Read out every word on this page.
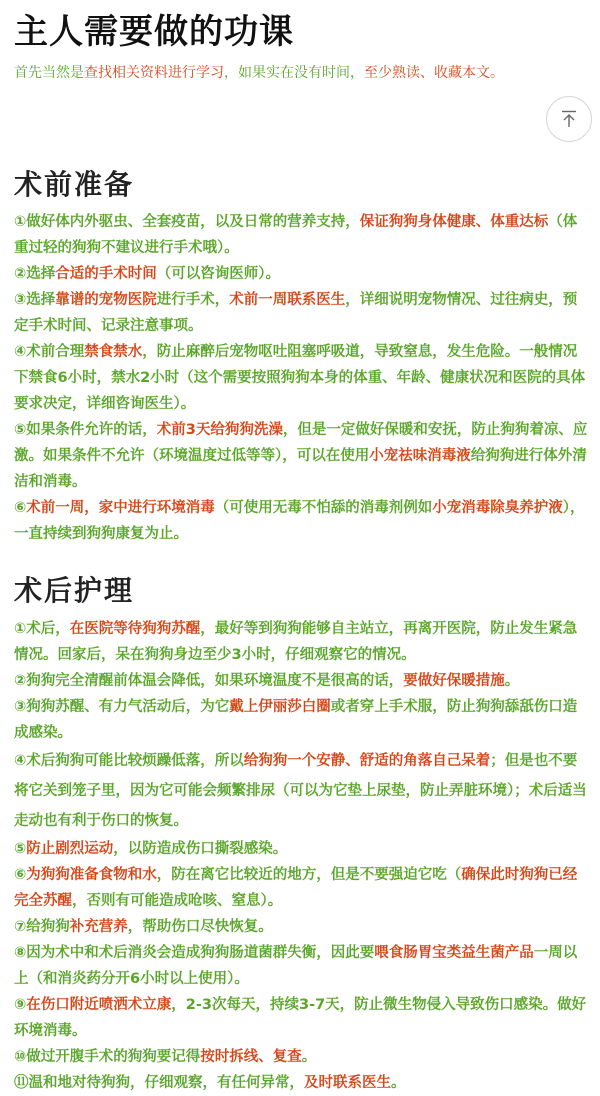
主人需要做的功课

首先当然是查找相关资料进行学习，如果实在没有时间，至少熟读、收藏本文。

术前准备

①做好体内外驱虫、全套疫苗，以及日常的营养支持，保证狗狗身体健康、体重达标（体重过轻的狗狗不建议进行手术哦）。

②选择合适的手术时间（可以咨询医师）。

③选择靠谱的宠物医院进行手术，术前一周联系医生，详细说明宠物情况、过往病史，预定手术时间、记录注意事项。

④术前合理禁食禁水，防止麻醉后宠物呕吐阻塞呼吸道，导致窒息，发生危险。一般情况下禁食6小时，禁水2小时（这个需要按照狗狗本身的体重、年龄、健康状况和医院的具体要求决定，详细咨询医生）。

⑤如果条件允许的话，术前3天给狗狗洗澡，但是一定做好保暖和安抚，防止狗狗着凉、应激。如果条件不允许（环境温度过低等等），可以在使用小宠祛味消毒液给狗狗进行体外清洁和消毒。

⑥术前一周，家中进行环境消毒（可使用无毒不怕舔的消毒剂例如小宠消毒除臭养护液），一直持续到狗狗康复为止。

术后护理

①术后，在医院等待狗狗苏醒，最好等到狗狗能够自主站立，再离开医院，防止发生紧急情况。回家后，呆在狗狗身边至少3小时，仔细观察它的情况。

②狗狗完全清醒前体温会降低，如果环境温度不是很高的话，要做好保暖措施。

③狗狗苏醒、有力气活动后，为它戴上伊丽莎白圈或者穿上手术服，防止狗狗舔舐伤口造成感染。

④术后狗狗可能比较烦躁低落，所以给狗狗一个安静、舒适的角落自己呆着；但是也不要将它关到笼子里，因为它可能会频繁排尿（可以为它垫上尿垫，防止弄脏环境）；术后适当走动也有利于伤口的恢复。

⑤防止剧烈运动，以防造成伤口撕裂感染。

⑥为狗狗准备食物和水，防在离它比较近的地方，但是不要强迫它吃（确保此时狗狗已经完全苏醒，否则有可能造成呛咳、窒息）。

⑦给狗狗补充营养，帮助伤口尽快恢复。

⑧因为术中和术后消炎会造成狗狗肠道菌群失衡，因此要喂食肠胃宝类益生菌产品一周以上（和消炎药分开6小时以上使用）。

⑨在伤口附近喷洒术立康，2-3次每天，持续3-7天，防止微生物侵入导致伤口感染。做好环境消毒。

⑩做过开腹手术的狗狗要记得按时拆线、复查。

⑪温和地对待狗狗，仔细观察，有任何异常，及时联系医生。
